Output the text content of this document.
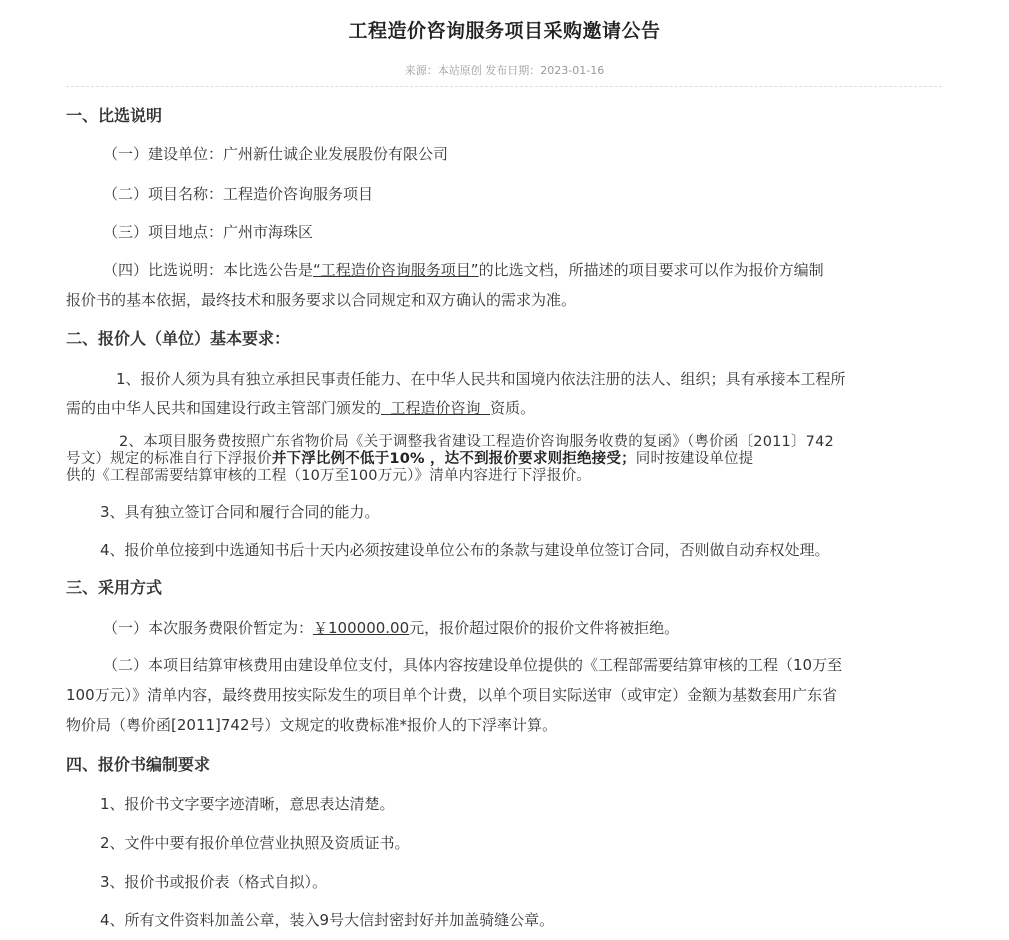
工程造价咨询服务项目采购邀请公告
来源：本站原创 发布日期：2023-01-16
一、比选说明
（一）建设单位：广州新仕诚企业发展股份有限公司
（二）项目名称：工程造价咨询服务项目
（三）项目地点：广州市海珠区
（四）比选说明：本比选公告是“工程造价咨询服务项目”的比选文档，所描述的项目要求可以作为报价方编制
报价书的基本依据，最终技术和服务要求以合同规定和双方确认的需求为准。
二、报价人（单位）基本要求：
1、报价人须为具有独立承担民事责任能力、在中华人民共和国境内依法注册的法人、组织；具有承接本工程所
需的由中华人民共和国建设行政主管部门颁发的  工程造价咨询  资质。
2、本项目服务费按照广东省物价局《关于调整我省建设工程造价咨询服务收费的复函》（粤价函〔2011〕742
号文）规定的标准自行下浮报价并下浮比例不低于10% ，达不到报价要求则拒绝接受；同时按建设单位提
供的《工程部需要结算审核的工程（10万至100万元）》清单内容进行下浮报价。
3、具有独立签订合同和履行合同的能力。
4、报价单位接到中选通知书后十天内必须按建设单位公布的条款与建设单位签订合同，否则做自动弃权处理。
三、采用方式
（一）本次服务费限价暂定为：￥100000.00元，报价超过限价的报价文件将被拒绝。
（二）本项目结算审核费用由建设单位支付，具体内容按建设单位提供的《工程部需要结算审核的工程（10万至
100万元）》清单内容，最终费用按实际发生的项目单个计费，以单个项目实际送审（或审定）金额为基数套用广东省
物价局（粤价函[2011]742号）文规定的收费标准*报价人的下浮率计算。
四、报价书编制要求
1、报价书文字要字迹清晰，意思表达清楚。
2、文件中要有报价单位营业执照及资质证书。
3、报价书或报价表（格式自拟）。
4、所有文件资料加盖公章，装入9号大信封密封好并加盖骑缝公章。
